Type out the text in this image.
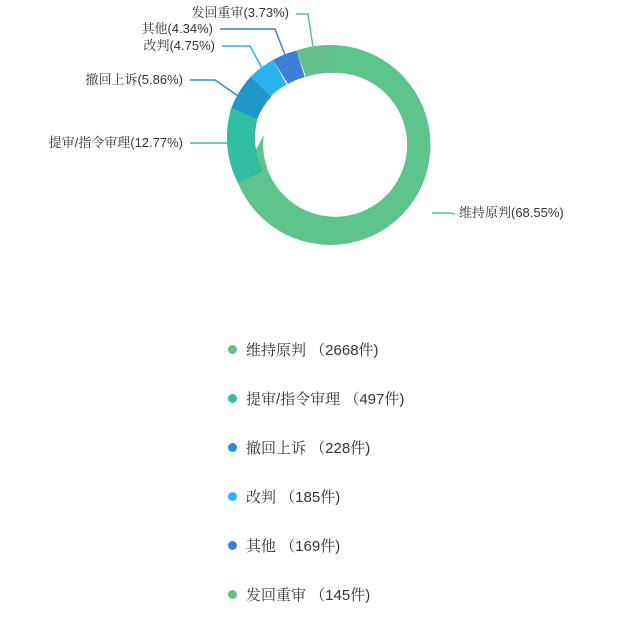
维持原判(68.55%)
提审/指令审理(12.77%)
撤回上诉(5.86%)
改判(4.75%)
其他(4.34%)
发回重审(3.73%)
维持原判 （2668件)
提审/指令审理 （497件)
撤回上诉 （228件)
改判 （185件)
其他 （169件)
发回重审 （145件)
